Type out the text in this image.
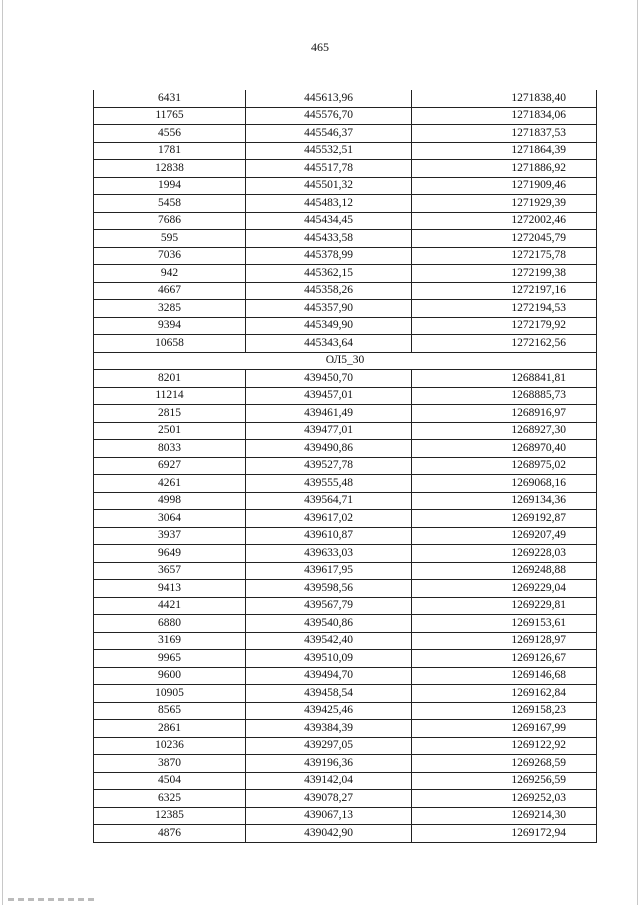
465
6431	445613,96	1271838,40
11765	445576,70	1271834,06
4556	445546,37	1271837,53
1781	445532,51	1271864,39
12838	445517,78	1271886,92
1994	445501,32	1271909,46
5458	445483,12	1271929,39
7686	445434,45	1272002,46
595	445433,58	1272045,79
7036	445378,99	1272175,78
942	445362,15	1272199,38
4667	445358,26	1272197,16
3285	445357,90	1272194,53
9394	445349,90	1272179,92
10658	445343,64	1272162,56
ОЛ5_30		
8201	439450,70	1268841,81
11214	439457,01	1268885,73
2815	439461,49	1268916,97
2501	439477,01	1268927,30
8033	439490,86	1268970,40
6927	439527,78	1268975,02
4261	439555,48	1269068,16
4998	439564,71	1269134,36
3064	439617,02	1269192,87
3937	439610,87	1269207,49
9649	439633,03	1269228,03
3657	439617,95	1269248,88
9413	439598,56	1269229,04
4421	439567,79	1269229,81
6880	439540,86	1269153,61
3169	439542,40	1269128,97
9965	439510,09	1269126,67
9600	439494,70	1269146,68
10905	439458,54	1269162,84
8565	439425,46	1269158,23
2861	439384,39	1269167,99
10236	439297,05	1269122,92
3870	439196,36	1269268,59
4504	439142,04	1269256,59
6325	439078,27	1269252,03
12385	439067,13	1269214,30
4876	439042,90	1269172,94
